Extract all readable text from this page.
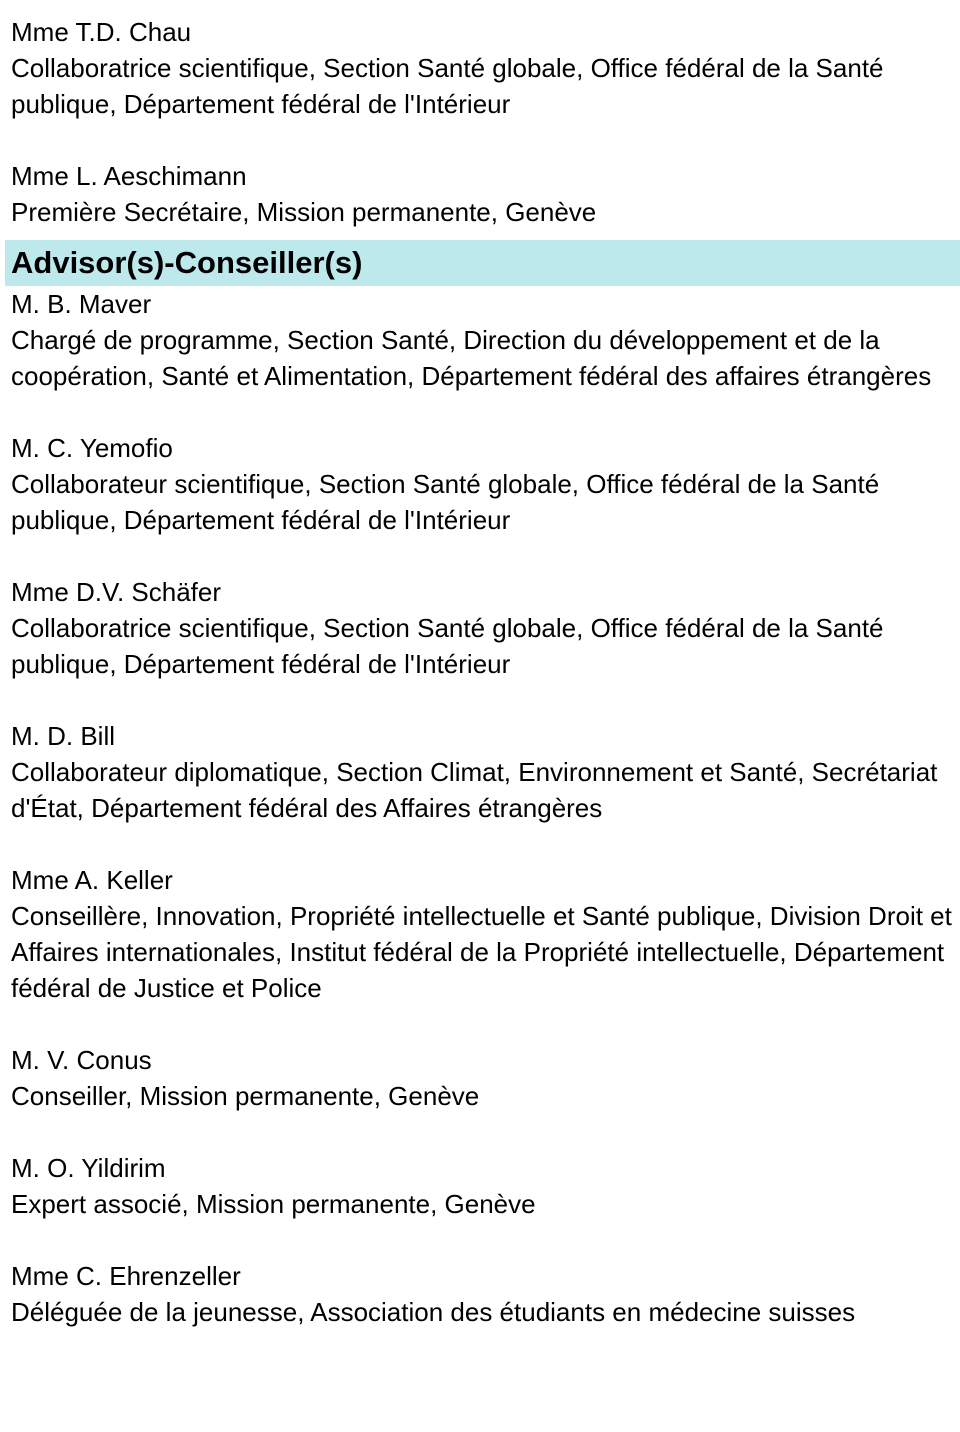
Mme T.D. Chau
Collaboratrice scientifique, Section Santé globale, Office fédéral de la Santé publique, Département fédéral de l'Intérieur
Mme L. Aeschimann
Première Secrétaire, Mission permanente, Genève
Advisor(s)-Conseiller(s)
M. B. Maver
Chargé de programme, Section Santé, Direction du développement et de la coopération, Santé et Alimentation, Département fédéral des affaires étrangères
M. C. Yemofio
Collaborateur scientifique, Section Santé globale, Office fédéral de la Santé publique, Département fédéral de l'Intérieur
Mme D.V. Schäfer
Collaboratrice scientifique, Section Santé globale, Office fédéral de la Santé publique, Département fédéral de l'Intérieur
M. D. Bill
Collaborateur diplomatique, Section Climat, Environnement et Santé, Secrétariat d'État, Département fédéral des Affaires étrangères
Mme A. Keller
Conseillère, Innovation, Propriété intellectuelle et Santé publique, Division Droit et Affaires internationales, Institut fédéral de la Propriété intellectuelle, Département fédéral de Justice et Police
M. V. Conus
Conseiller, Mission permanente, Genève
M. O. Yildirim
Expert associé, Mission permanente, Genève
Mme C. Ehrenzeller
Déléguée de la jeunesse, Association des étudiants en médecine suisses
